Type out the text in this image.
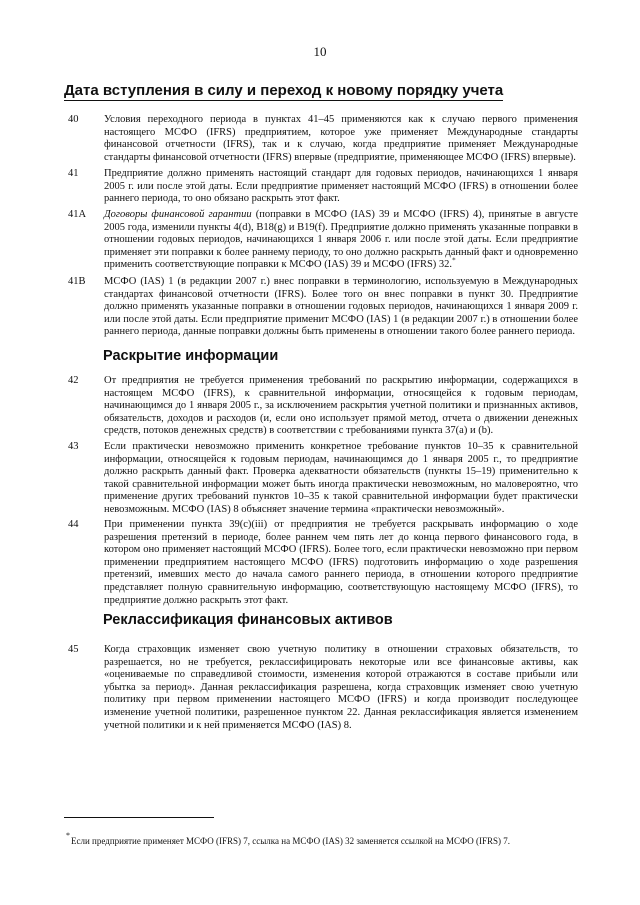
10
Дата вступления в силу и переход к новому порядку учета
40 Условия переходного периода в пунктах 41–45 применяются как к случаю первого применения настоящего МСФО (IFRS) предприятием, которое уже применяет Международные стандарты финансовой отчетности (IFRS), так и к случаю, когда предприятие применяет Международные стандарты финансовой отчетности (IFRS) впервые (предприятие, применяющее МСФО (IFRS) впервые).

41 Предприятие должно применять настоящий стандарт для годовых периодов, начинающихся 1 января 2005 г. или после этой даты. Если предприятие применяет настоящий МСФО (IFRS) в отношении более раннего периода, то оно обязано раскрыть этот факт.

41A Договоры финансовой гарантии (поправки в МСФО (IAS) 39 и МСФО (IFRS) 4), принятые в августе 2005 года, изменили пункты 4(d), B18(g) и B19(f). Предприятие должно применять указанные поправки в отношении годовых периодов, начинающихся 1 января 2006 г. или после этой даты. Если предприятие применяет эти поправки к более раннему периоду, то оно должно раскрыть данный факт и одновременно применить соответствующие поправки к МСФО (IAS) 39 и МСФО (IFRS) 32.*

41B МСФО (IAS) 1 (в редакции 2007 г.) внес поправки в терминологию, используемую в Международных стандартах финансовой отчетности (IFRS). Более того он внес поправки в пункт 30. Предприятие должно применять указанные поправки в отношении годовых периодов, начинающихся 1 января 2009 г. или после этой даты. Если предприятие применит МСФО (IAS) 1 (в редакции 2007 г.) в отношении более раннего периода, данные поправки должны быть применены в отношении такого более раннего периода.

Раскрытие информации
42 От предприятия не требуется применения требований по раскрытию информации, содержащихся в настоящем МСФО (IFRS), к сравнительной информации, относящейся к годовым периодам, начинающимся до 1 января 2005 г., за исключением раскрытия учетной политики и признанных активов, обязательств, доходов и расходов (и, если оно использует прямой метод, отчета о движении денежных средств, потоков денежных средств) в соответствии с требованиями пункта 37(a) и (b).

43 Если практически невозможно применить конкретное требование пунктов 10–35 к сравнительной информации, относящейся к годовым периодам, начинающимся до 1 января 2005 г., то предприятие должно раскрыть данный факт. Проверка адекватности обязательств (пункты 15–19) применительно к такой сравнительной информации может быть иногда практически невозможным, но маловероятно, что применение других требований пунктов 10–35 к такой сравнительной информации будет практически невозможным. МСФО (IAS) 8 объясняет значение термина «практически невозможный».

44 При применении пункта 39(c)(iii) от предприятия не требуется раскрывать информацию о ходе разрешения претензий в периоде, более раннем чем пять лет до конца первого финансового года, в котором оно применяет настоящий МСФО (IFRS). Более того, если практически невозможно при первом применении предприятием настоящего МСФО (IFRS) подготовить информацию о ходе разрешения претензий, имевших место до начала самого раннего периода, в отношении которого предприятие представляет полную сравнительную информацию, соответствующую настоящему МСФО (IFRS), то предприятие должно раскрыть этот факт.

Реклассификация финансовых активов
45 Когда страховщик изменяет свою учетную политику в отношении страховых обязательств, то разрешается, но не требуется, реклассифицировать некоторые или все финансовые активы, как «оцениваемые по справедливой стоимости, изменения которой отражаются в составе прибыли или убытка за период». Данная реклассификация разрешена, когда страховщик изменяет свою учетную политику при первом применении настоящего МСФО (IFRS) и когда производит последующее изменение учетной политики, разрешенное пунктом 22. Данная реклассификация является изменением учетной политики и к ней применяется МСФО (IAS) 8.

*
Если предприятие применяет МСФО (IFRS) 7, ссылка на МСФО (IAS) 32 заменяется ссылкой на МСФО (IFRS) 7.
